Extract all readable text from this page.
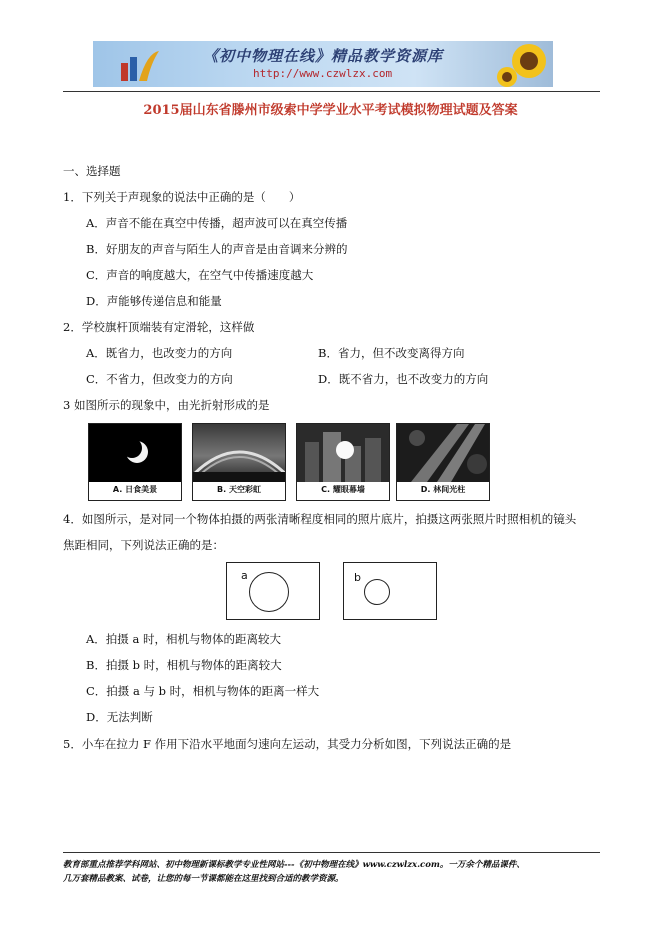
《初中物理在线》精品教学资源库
http://www.czwlzx.com
2015届山东省滕州市级索中学学业水平考试模拟物理试题及答案
一、选择题
1．下列关于声现象的说法中正确的是（　　）
A．声音不能在真空中传播，超声波可以在真空传播
B．好朋友的声音与陌生人的声音是由音调来分辨的
C．声音的响度越大，在空气中传播速度越大
D．声能够传递信息和能量
2．学校旗杆顶端装有定滑轮，这样做
A．既省力，也改变力的方向	B．省力，但不改变离得方向
C．不省力，但改变力的方向	D．既不省力，也不改变力的方向
3 如图所示的现象中，由光折射形成的是
A. 日食美景	B. 天空彩虹	C. 耀眼幕墙	D. 林间光柱
4．如图所示，是对同一个物体拍摄的两张清晰程度相同的照片底片，拍摄这两张照片时照相机的镜头
焦距相同，下列说法正确的是：
a	b
A．拍摄 a 时，相机与物体的距离较大
B．拍摄 b 时，相机与物体的距离较大
C．拍摄 a 与 b 时，相机与物体的距离一样大
D．无法判断
5．小车在拉力 F 作用下沿水平地面匀速向左运动，其受力分析如图，下列说法正确的是
教育部重点推荐学科网站、初中物理新课标教学专业性网站---《初中物理在线》www.czwlzx.com。一万余个精品课件、
几万套精品教案、试卷，让您的每一节课都能在这里找到合适的教学资源。
